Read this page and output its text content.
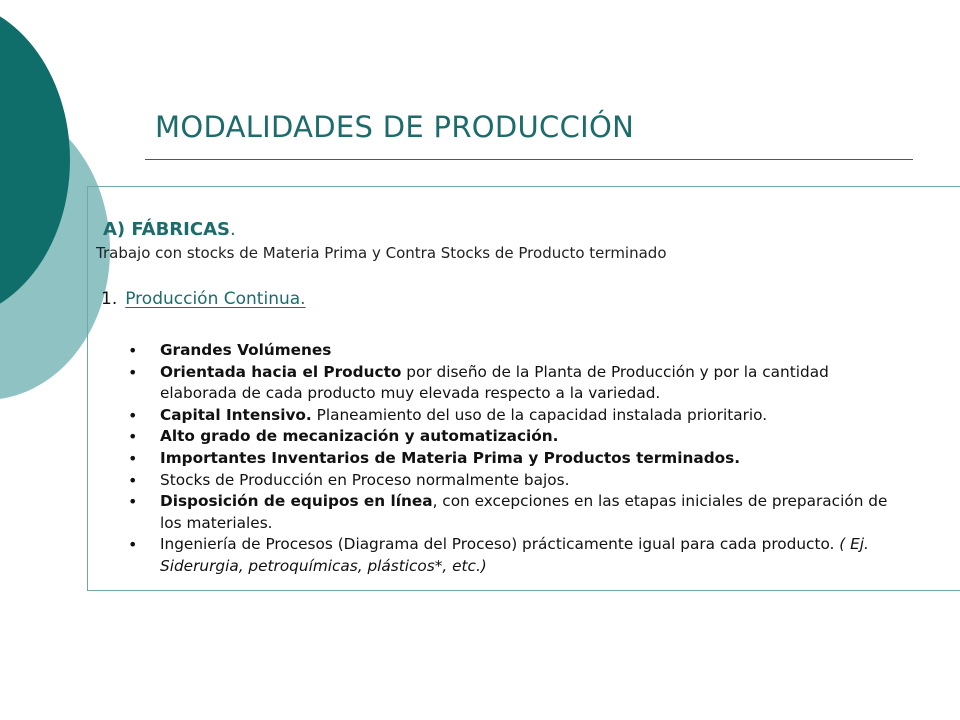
MODALIDADES DE PRODUCCIÓN
A) FÁBRICAS.
Trabajo con stocks de Materia Prima y Contra Stocks de Producto terminado
1. Producción Continua.
• Grandes Volúmenes
• Orientada hacia el Producto por diseño de la Planta de Producción y por la cantidad elaborada de cada producto muy elevada respecto a la variedad.
• Capital Intensivo. Planeamiento del uso de la capacidad instalada prioritario.
• Alto grado de mecanización y automatización.
• Importantes Inventarios de Materia Prima y Productos terminados.
• Stocks de Producción en Proceso normalmente bajos.
• Disposición de equipos en línea, con excepciones en las etapas iniciales de preparación de los materiales.
• Ingeniería de Procesos (Diagrama del Proceso) prácticamente igual para cada producto. ( Ej. Siderurgia, petroquímicas, plásticos*, etc.)
